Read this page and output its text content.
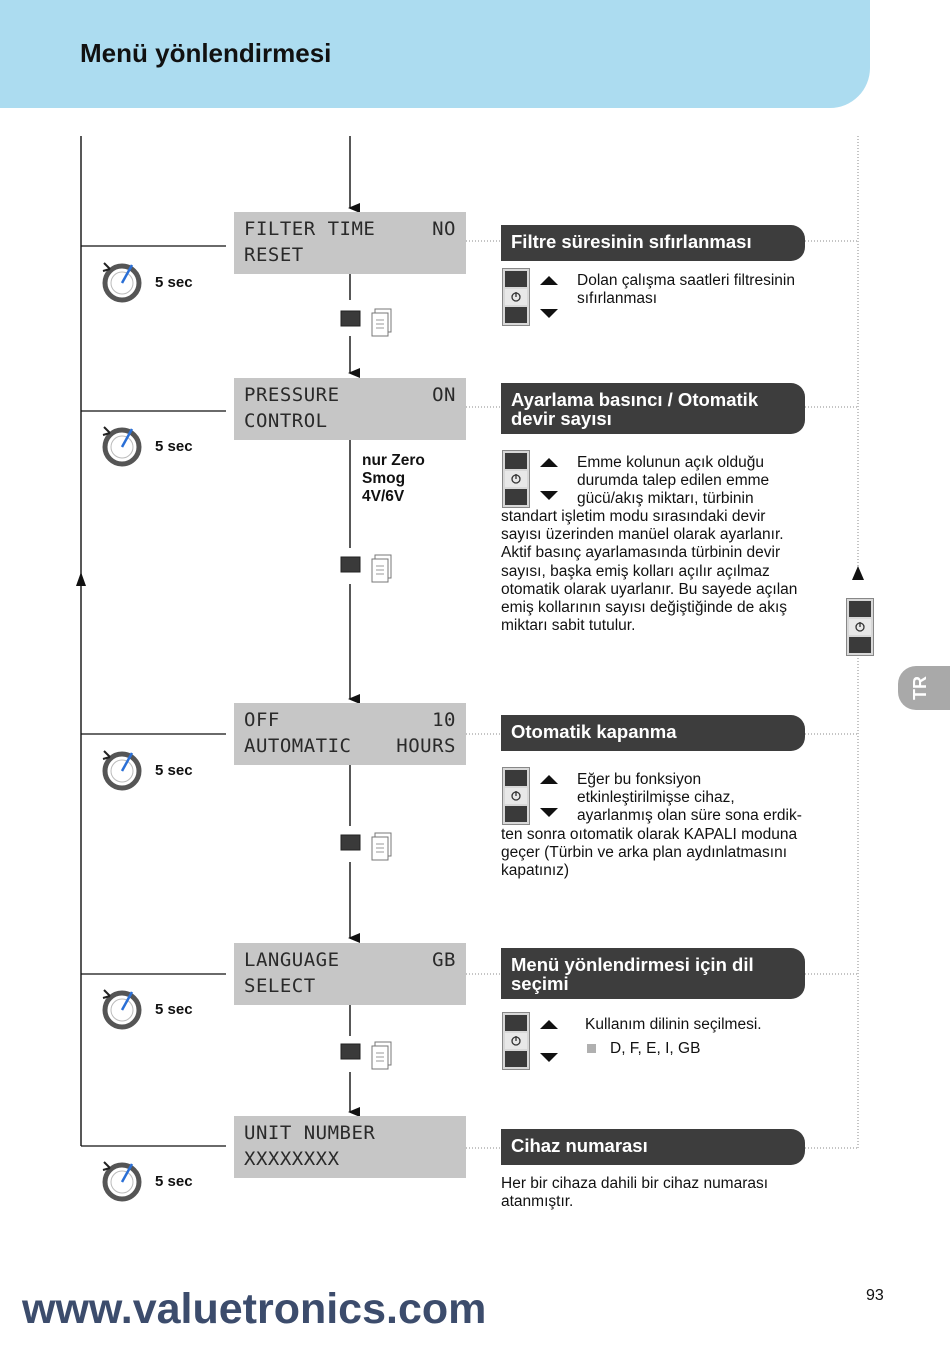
Menü yönlendirmesi
TR
FILTER TIME	NO
RESET
PRESSURE	ON
CONTROL
OFF	10
AUTOMATIC HOURS
LANGUAGE	GB
SELECT
UNIT NUMBER
XXXXXXXX
nur Zero
Smog
4V/6V
5 sec
5 sec
5 sec
5 sec
5 sec
Filtre süresinin sıfırlanması
Dolan çalışma saatleri filtresinin
sıfırlanması
Ayarlama basıncı / Otomatik
devir sayısı
Emme kolunun açık olduğu
durumda talep edilen emme
gücü/akış miktarı, türbinin
standart işletim modu sırasındaki devir
sayısı üzerinden manüel olarak ayarlanır.
Aktif basınç ayarlamasında türbinin devir
sayısı, başka emiş kolları açılır açılmaz
otomatik olarak uyarlanır. Bu sayede açılan
emiş kollarının sayısı değiştiğinde de akış
miktarı sabit tutulur.
Otomatik kapanma
Eğer bu fonksiyon
etkinleştirilmişse cihaz,
ayarlanmış olan süre sona erdik-
ten sonra oıtomatik olarak KAPALI moduna
geçer (Türbin ve arka plan aydınlatmasını
kapatınız)
Menü yönlendirmesi için dil
seçimi
Kullanım dilinin seçilmesi.
D, F, E, I, GB
Cihaz numarası
Her bir cihaza dahili bir cihaz numarası
atanmıştır.
93
www.valuetronics.com
